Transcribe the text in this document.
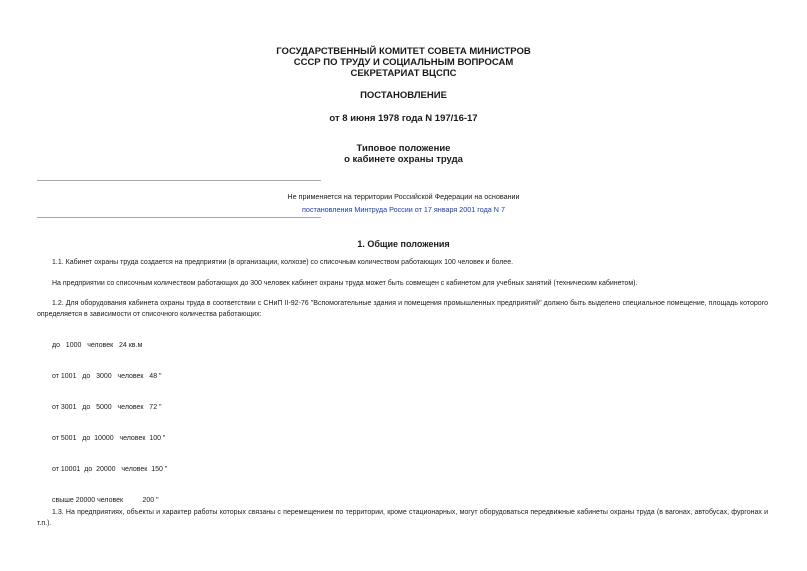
ГОСУДАРСТВЕННЫЙ КОМИТЕТ СОВЕТА МИНИСТРОВ
СССР ПО ТРУДУ И СОЦИАЛЬНЫМ ВОПРОСАМ
СЕКРЕТАРИАТ ВЦСПС
ПОСТАНОВЛЕНИЕ
от 8 июня 1978 года N 197/16-17
Типовое положение
о кабинете охраны труда
Не применяется на территории Российской Федерации на основании
постановления Минтруда России от 17 января 2001 года N 7
1. Общие положения
1.1. Кабинет охраны труда создается на предприятии (в организации, колхозе) со списочным количеством работающих 100 человек и более.
На предприятии со списочным количеством работающих до 300 человек кабинет охраны труда может быть совмещен с кабинетом для учебных занятий (техническим кабинетом).
1.2. Для оборудования кабинета охраны труда в соответствии с СНиП II-92-76 "Вспомогательные здания и помещения промышленных предприятий" должно быть выделено специальное помещение, площадь которого определяется в зависимости от списочного количества работающих:
до   1000   человек   24 кв.м
от 1001   до   3000   человек   48 "
от 3001   до   5000   человек   72 "
от 5001   до  10000   человек  100 "
от 10001  до  20000   человек  150 "
свыше 20000 человек          200 "
1.3. На предприятиях, объекты и характер работы которых связаны с перемещением по территории, кроме стационарных, могут оборудоваться передвижные кабинеты охраны труда (в вагонах, автобусах, фургонах и т.п.).
